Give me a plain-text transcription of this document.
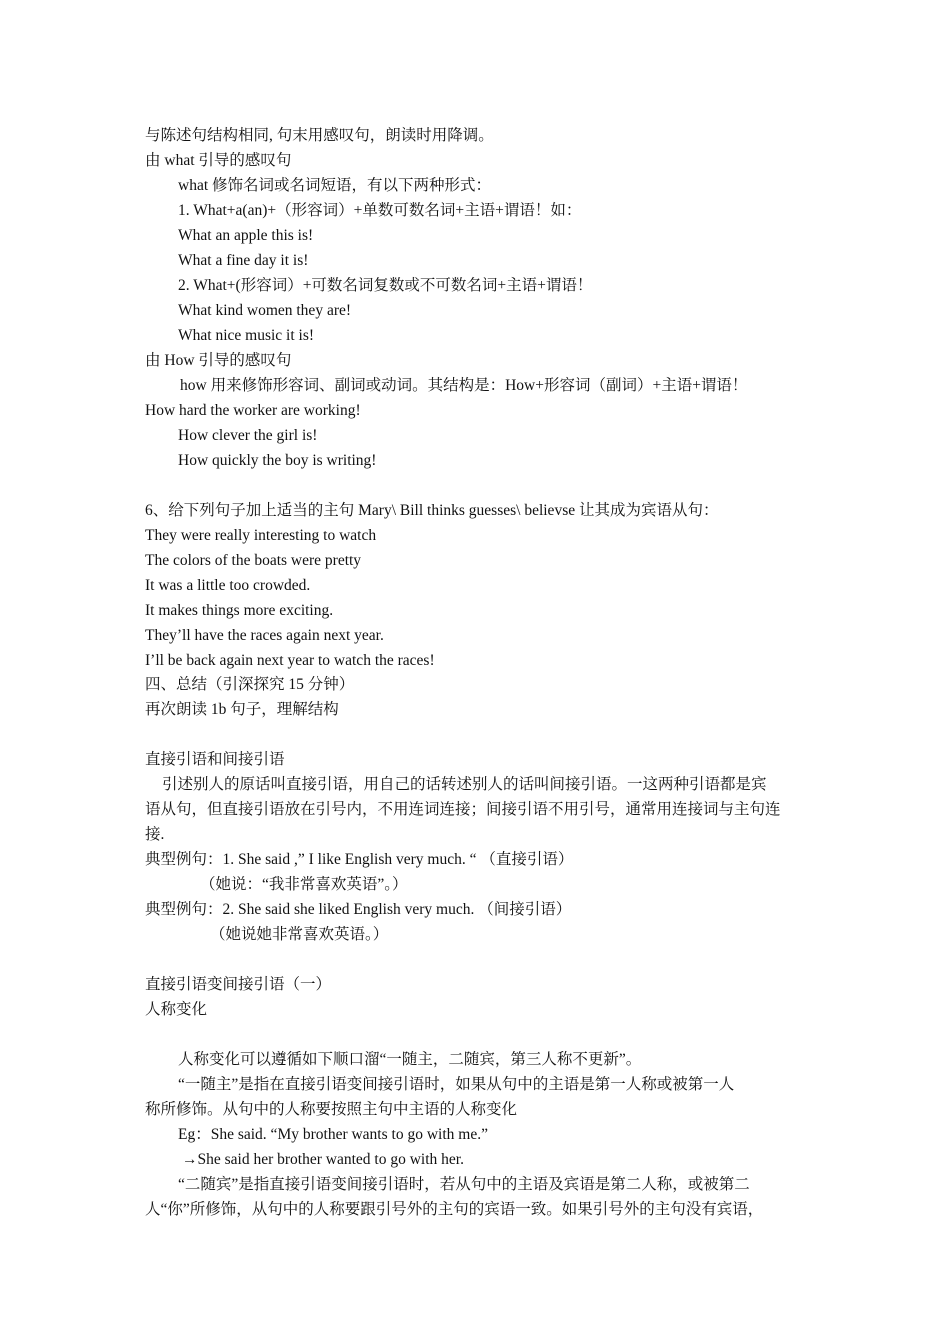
与陈述句结构相同, 句末用感叹句，朗读时用降调。
由 what 引导的感叹句
what 修饰名词或名词短语，有以下两种形式：
1. What+a(an)+（形容词）+单数可数名词+主语+谓语！如：
What an apple this is!
What a fine day it is!
2. What+(形容词）+可数名词复数或不可数名词+主语+谓语！
What kind women they are!
What nice music it is!
由 How 引导的感叹句
how 用来修饰形容词、副词或动词。其结构是：How+形容词（副词）+主语+谓语！
How hard the worker are working!
How clever the girl is!
How quickly the boy is writing!
6、给下列句子加上适当的主句 Mary\ Bill thinks guesses\ believse 让其成为宾语从句：
They were really interesting to watch
The colors of the boats were pretty
It was a little too crowded.
It makes things more exciting.
They’ll have the races again next year.
I’ll be back again next year to watch the races!
四、总结（引深探究 15 分钟）
再次朗读 1b 句子，理解结构
直接引语和间接引语
引述别人的原话叫直接引语，用自己的话转述别人的话叫间接引语。一这两种引语都是宾
语从句，但直接引语放在引号内，不用连词连接；间接引语不用引号，通常用连接词与主句连
接.
典型例句：1. She said ,” I like English very much. “ （直接引语）
（她说：“我非常喜欢英语”。）
典型例句：2. She said she liked English very much. （间接引语）
（她说她非常喜欢英语。）
直接引语变间接引语（一）
人称变化
人称变化可以遵循如下顺口溜“一随主，二随宾，第三人称不更新”。
“一随主”是指在直接引语变间接引语时，如果从句中的主语是第一人称或被第一人
称所修饰。从句中的人称要按照主句中主语的人称变化
Eg：She said. “My brother wants to go with me.”
→She said her brother wanted to go with her.
“二随宾”是指直接引语变间接引语时，若从句中的主语及宾语是第二人称，或被第二
人“你”所修饰，从句中的人称要跟引号外的主句的宾语一致。如果引号外的主句没有宾语，
